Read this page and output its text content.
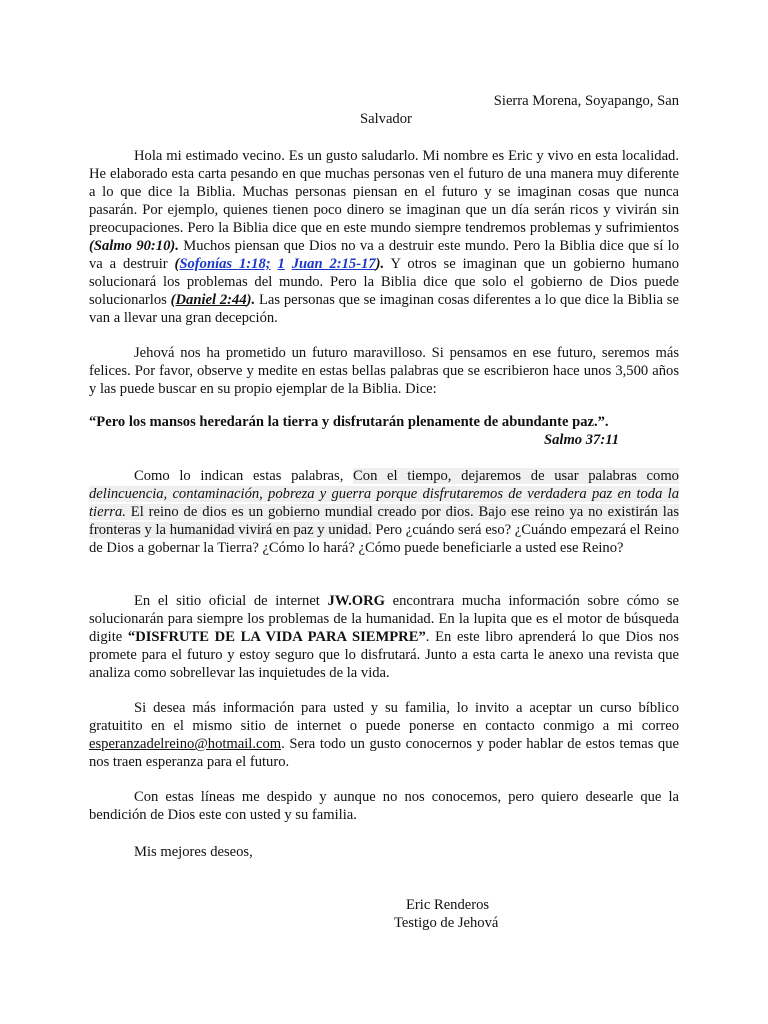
Sierra Morena, Soyapango, San

Salvador

Hola mi estimado vecino. Es un gusto saludarlo. Mi nombre es Eric y vivo en esta localidad. He elaborado esta carta pesando en que muchas personas ven el futuro de una manera muy diferente a lo que dice la Biblia. Muchas personas piensan en el futuro y se imaginan cosas que nunca pasarán. Por ejemplo, quienes tienen poco dinero se imaginan que un día serán ricos y vivirán sin preocupaciones. Pero la Biblia dice que en este mundo siempre tendremos problemas y sufrimientos (Salmo 90:10). Muchos piensan que Dios no va a destruir este mundo. Pero la Biblia dice que sí lo va a destruir (Sofonías 1:18; 1 Juan 2:15-17). Y otros se imaginan que un gobierno humano solucionará los problemas del mundo. Pero la Biblia dice que solo el gobierno de Dios puede solucionarlos (Daniel 2:44). Las personas que se imaginan cosas diferentes a lo que dice la Biblia se van a llevar una gran decepción.

Jehová nos ha prometido un futuro maravilloso. Si pensamos en ese futuro, seremos más felices. Por favor, observe y medite en estas bellas palabras que se escribieron hace unos 3,500 años y las puede buscar en su propio ejemplar de la Biblia. Dice:

“Pero los mansos heredarán la tierra y disfrutarán plenamente de abundante paz.”.

Salmo 37:11

Como lo indican estas palabras, Con el tiempo, dejaremos de usar palabras como delincuencia, contaminación, pobreza y guerra porque disfrutaremos de verdadera paz en toda la tierra. El reino de dios es un gobierno mundial creado por dios. Bajo ese reino ya no existirán las fronteras y la humanidad vivirá en paz y unidad. Pero ¿cuándo será eso? ¿Cuándo empezará el Reino de Dios a gobernar la Tierra? ¿Cómo lo hará? ¿Cómo puede beneficiarle a usted ese Reino?

En el sitio oficial de internet JW.ORG encontrara mucha información sobre cómo se solucionarán para siempre los problemas de la humanidad. En la lupita que es el motor de búsqueda digite “DISFRUTE DE LA VIDA PARA SIEMPRE”. En este libro aprenderá lo que Dios nos promete para el futuro y estoy seguro que lo disfrutará. Junto a esta carta le anexo una revista que analiza como sobrellevar las inquietudes de la vida.

Si desea más información para usted y su familia, lo invito a aceptar un curso bíblico gratuitito en el mismo sitio de internet o puede ponerse en contacto conmigo a mi correo esperanzadelreino@hotmail.com. Sera todo un gusto conocernos y poder hablar de estos temas que nos traen esperanza para el futuro.

Con estas líneas me despido y aunque no nos conocemos, pero quiero desearle que la bendición de Dios este con usted y su familia.

Mis mejores deseos,

Eric Renderos

Testigo de Jehová
